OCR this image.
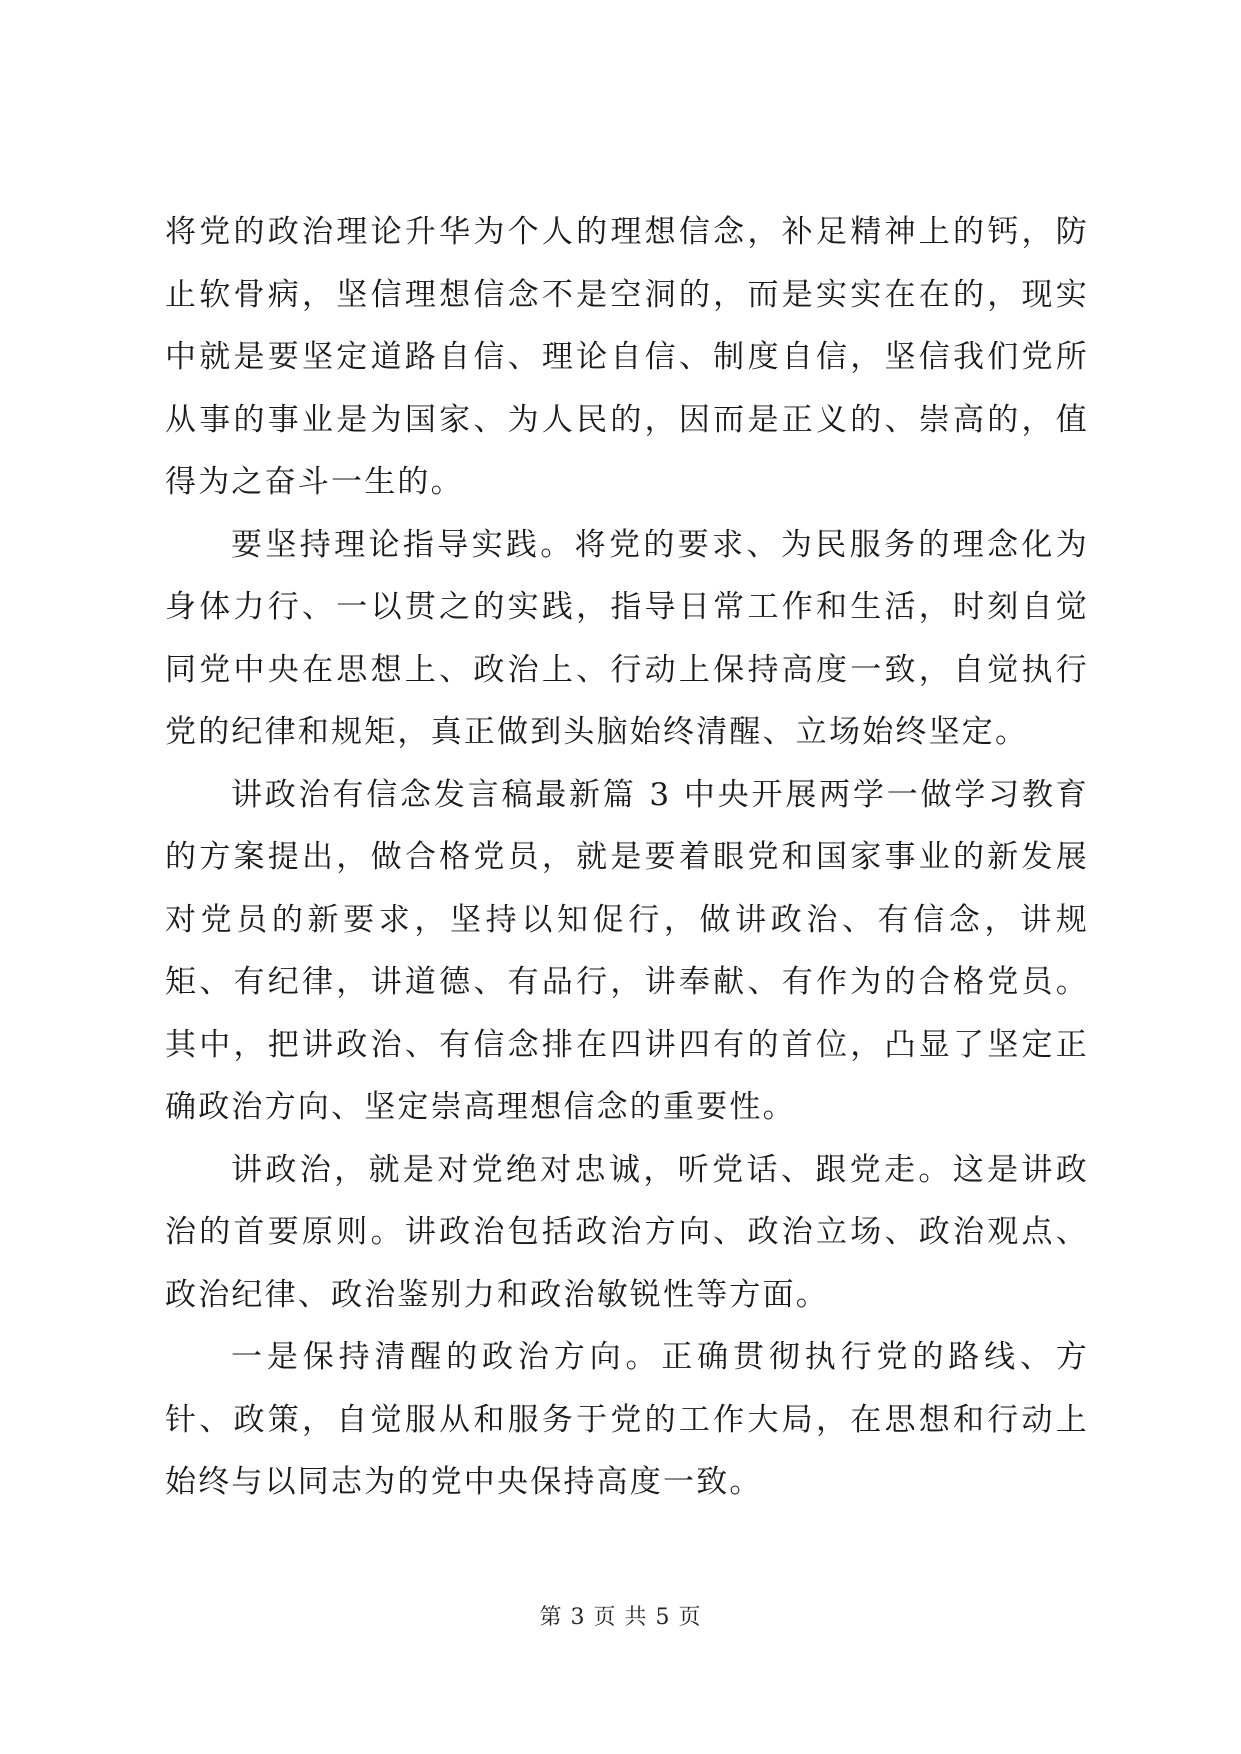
将党的政治理论升华为个人的理想信念，补足精神上的钙，防止软骨病，坚信理想信念不是空洞的，而是实实在在的，现实中就是要坚定道路自信、理论自信、制度自信，坚信我们党所从事的事业是为国家、为人民的，因而是正义的、崇高的，值得为之奋斗一生的。

要坚持理论指导实践。将党的要求、为民服务的理念化为身体力行、一以贯之的实践，指导日常工作和生活，时刻自觉同党中央在思想上、政治上、行动上保持高度一致，自觉执行党的纪律和规矩，真正做到头脑始终清醒、立场始终坚定。

讲政治有信念发言稿最新篇 3 中央开展两学一做学习教育的方案提出，做合格党员，就是要着眼党和国家事业的新发展对党员的新要求，坚持以知促行，做讲政治、有信念，讲规矩、有纪律，讲道德、有品行，讲奉献、有作为的合格党员。其中，把讲政治、有信念排在四讲四有的首位，凸显了坚定正确政治方向、坚定崇高理想信念的重要性。

讲政治，就是对党绝对忠诚，听党话、跟党走。这是讲政治的首要原则。讲政治包括政治方向、政治立场、政治观点、政治纪律、政治鉴别力和政治敏锐性等方面。

一是保持清醒的政治方向。正确贯彻执行党的路线、方针、政策，自觉服从和服务于党的工作大局，在思想和行动上始终与以同志为的党中央保持高度一致。

第 3 页 共 5 页
